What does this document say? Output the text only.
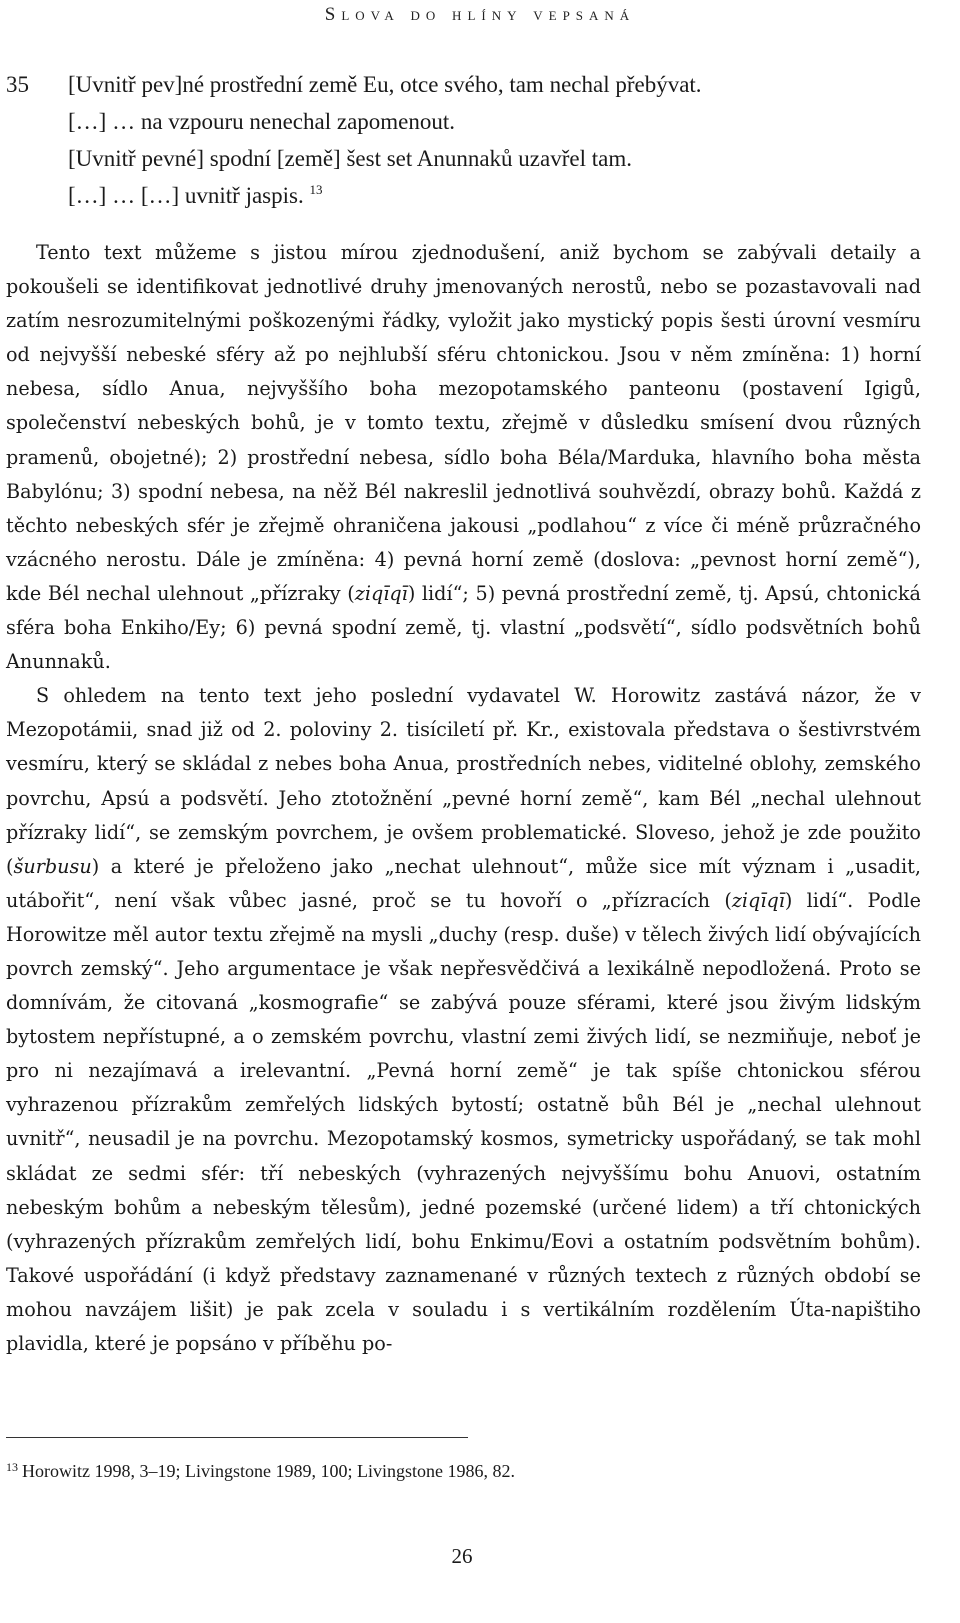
Slova do hlíny vepsaná
35 [Uvnitř pev]né prostřední země Eu, otce svého, tam nechal přebývat.
[…] … na vzpouru nenechal zapomenout.
[Uvnitř pevné] spodní [země] šest set Anunnaků uzavřel tam.
[…] … […] uvnitř jaspis. $^{13}$

Tento text můžeme s jistou mírou zjednodušení, aniž bychom se zabývali detaily a pokoušeli se identifikovat jednotlivé druhy jmenovaných nerostů, nebo se pozastavovali nad zatím nesrozumitelnými poškozenými řádky, vyložit jako mystický popis šesti úrovní vesmíru od nejvyšší nebeské sféry až po nejhlubší sféru chtonickou. Jsou v něm zmíněna: 1) horní nebesa, sídlo Anua, nejvyššího boha mezopotamského panteonu (postavení Igigů, společenství nebeských bohů, je v tomto textu, zřejmě v důsledku smísení dvou různých pramenů, obojetné); 2) prostřední nebesa, sídlo boha Béla/Marduka, hlavního boha města Babylónu; 3) spodní nebesa, na něž Bél nakreslil jednotlivá souhvězdí, obrazy bohů. Každá z těchto nebeských sfér je zřejmě ohraničena jakousi „podlahou“ z více či méně průzračného vzácného nerostu. Dále je zmíněna: 4) pevná horní země (doslova: „pevnost horní země“), kde Bél nechal ulehnout „přízraky (ziqīqī) lidí“; 5) pevná prostřední země, tj. Apsú, chtonická sféra boha Enkiho/Ey; 6) pevná spodní země, tj. vlastní „podsvětí“, sídlo podsvětních bohů Anunnaků.

S ohledem na tento text jeho poslední vydavatel W. Horowitz zastává názor, že v Mezopotámii, snad již od 2. poloviny 2. tisíciletí př. Kr., existovala představa o šestivrstvém vesmíru, který se skládal z nebes boha Anua, prostředních nebes, viditelné oblohy, zemského povrchu, Apsú a podsvětí. Jeho ztotožnění „pevné horní země“, kam Bél „nechal ulehnout přízraky lidí“, se zemským povrchem, je ovšem problematické. Sloveso, jehož je zde použito (šurbusu) a které je přeloženo jako „nechat ulehnout“, může sice mít význam i „usadit, utábořit“, není však vůbec jasné, proč se tu hovoří o „přízracích (ziqīqī) lidí“. Podle Horowitze měl autor textu zřejmě na mysli „duchy (resp. duše) v tělech živých lidí obývajících povrch zemský“. Jeho argumentace je však nepřesvědčivá a lexikálně nepodložená. Proto se domnívám, že citovaná „kosmografie“ se zabývá pouze sférami, které jsou živým lidským bytostem nepřístupné, a o zemském povrchu, vlastní zemi živých lidí, se nezmiňuje, neboť je pro ni nezajímavá a irelevantní. „Pevná horní země“ je tak spíše chtonickou sférou vyhrazenou přízrakům zemřelých lidských bytostí; ostatně bůh Bél je „nechal ulehnout uvnitř“, neusadil je na povrchu. Mezopotamský kosmos, symetricky uspořádaný, se tak mohl skládat ze sedmi sfér: tří nebeských (vyhrazených nejvyššímu bohu Anuovi, ostatním nebeským bohům a nebeským tělesům), jedné pozemské (určené lidem) a tří chtonických (vyhrazených přízrakům zemřelých lidí, bohu Enkimu/Eovi a ostatním podsvětním bohům). Takové uspořádání (i když představy zaznamenané v různých textech z různých období se mohou navzájem lišit) je pak zcela v souladu i s vertikálním rozdělením Úta-napištiho plavidla, které je popsáno v příběhu po-

$^{13}$ Horowitz 1998, 3–19; Livingstone 1989, 100; Livingstone 1986, 82.
26
